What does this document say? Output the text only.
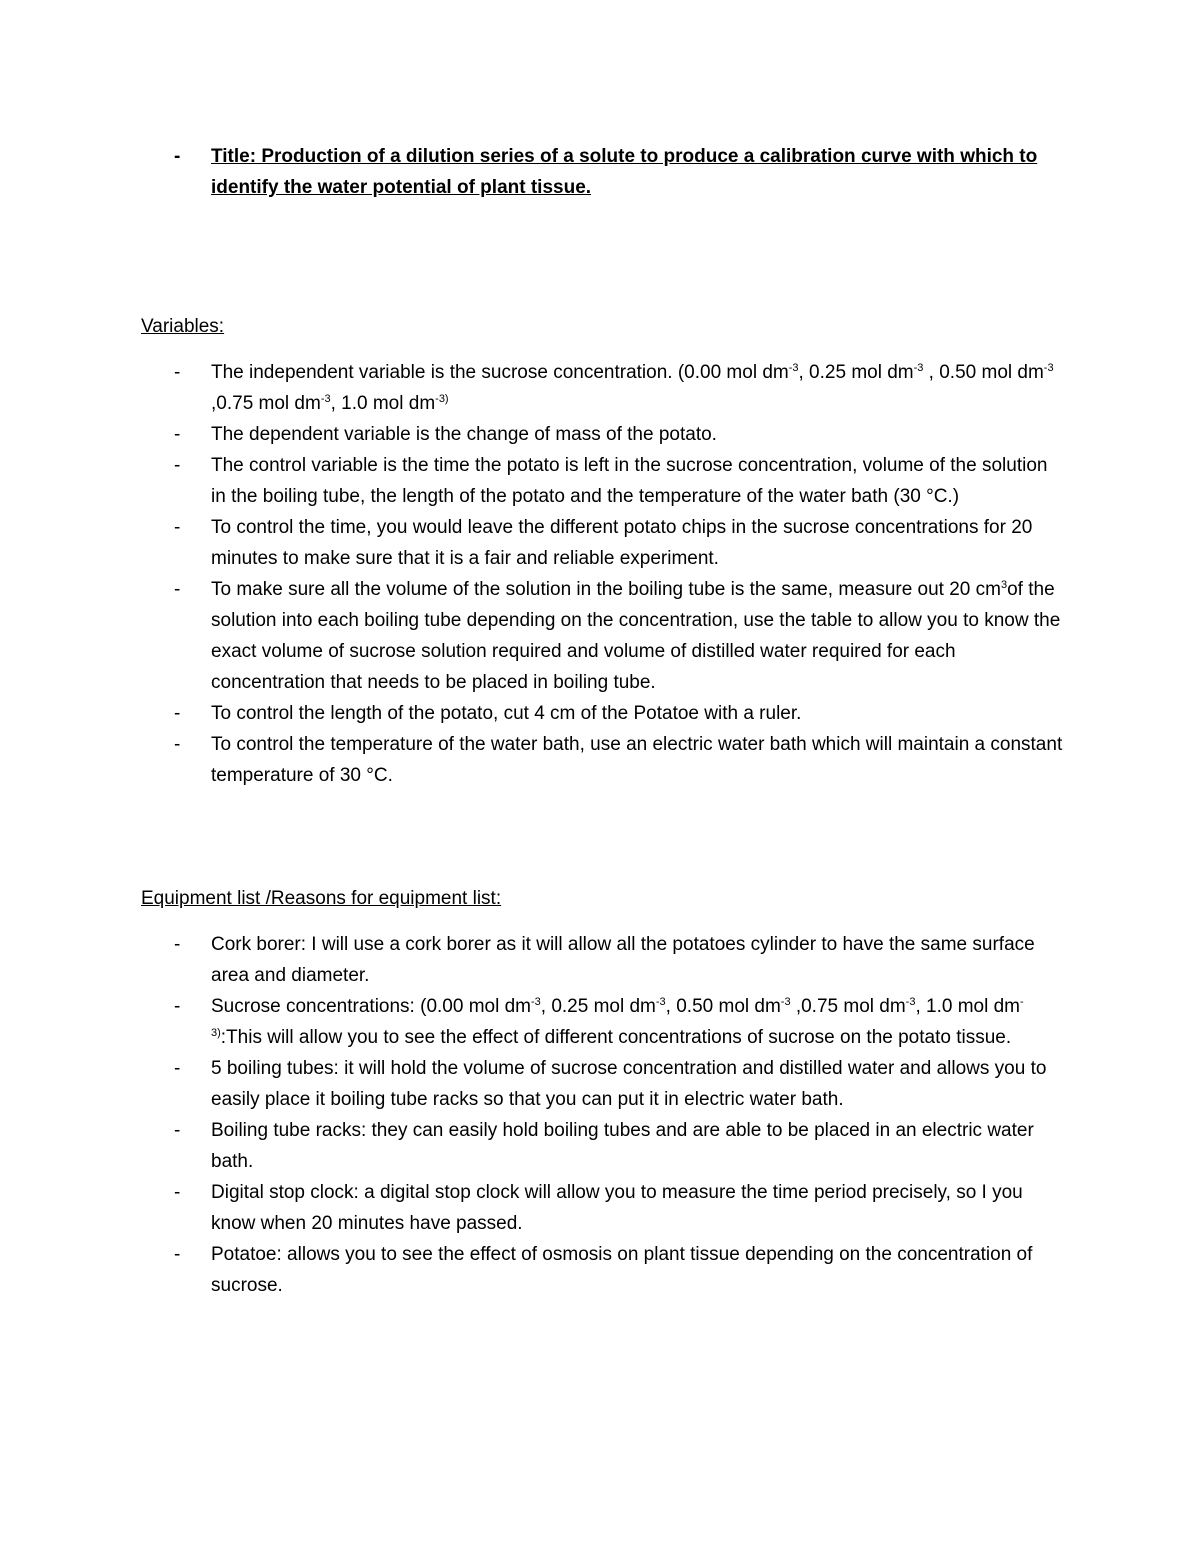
- Title: Production of a dilution series of a solute to produce a calibration curve with which to identify the water potential of plant tissue.
Variables:
- The independent variable is the sucrose concentration. (0.00 mol $dm^{-3}$, 0.25 mol $dm^{-3}$ , 0.50 mol $dm^{-3}$ ,0.75 mol $dm^{-3}$, 1.0 mol $dm^{-3)}$
- The dependent variable is the change of mass of the potato.
- The control variable is the time the potato is left in the sucrose concentration, volume of the solution in the boiling tube, the length of the potato and the temperature of the water bath (30 °C.)
- To control the time, you would leave the different potato chips in the sucrose concentrations for 20 minutes to make sure that it is a fair and reliable experiment.
- To make sure all the volume of the solution in the boiling tube is the same, measure out 20 $cm^3of$ the solution into each boiling tube depending on the concentration, use the table to allow you to know the exact volume of sucrose solution required and volume of distilled water required for each concentration that needs to be placed in boiling tube.
- To control the length of the potato, cut 4 cm of the Potatoe with a ruler.
- To control the temperature of the water bath, use an electric water bath which will maintain a constant temperature of 30 °C.
Equipment list /Reasons for equipment list:
- Cork borer: I will use a cork borer as it will allow all the potatoes cylinder to have the same surface area and diameter.
- Sucrose concentrations: (0.00 mol $dm^{-3}$, 0.25 mol $dm^{-3}$, 0.50 mol $dm^{-3}$ ,0.75 mol $dm^{-3}$, 1.0 mol $dm^{-3)}:This$ will allow you to see the effect of different concentrations of sucrose on the potato tissue.
- 5 boiling tubes: it will hold the volume of sucrose concentration and distilled water and allows you to easily place it boiling tube racks so that you can put it in electric water bath.
- Boiling tube racks: they can easily hold boiling tubes and are able to be placed in an electric water bath.
- Digital stop clock: a digital stop clock will allow you to measure the time period precisely, so I you know when 20 minutes have passed.
- Potatoe: allows you to see the effect of osmosis on plant tissue depending on the concentration of sucrose.
